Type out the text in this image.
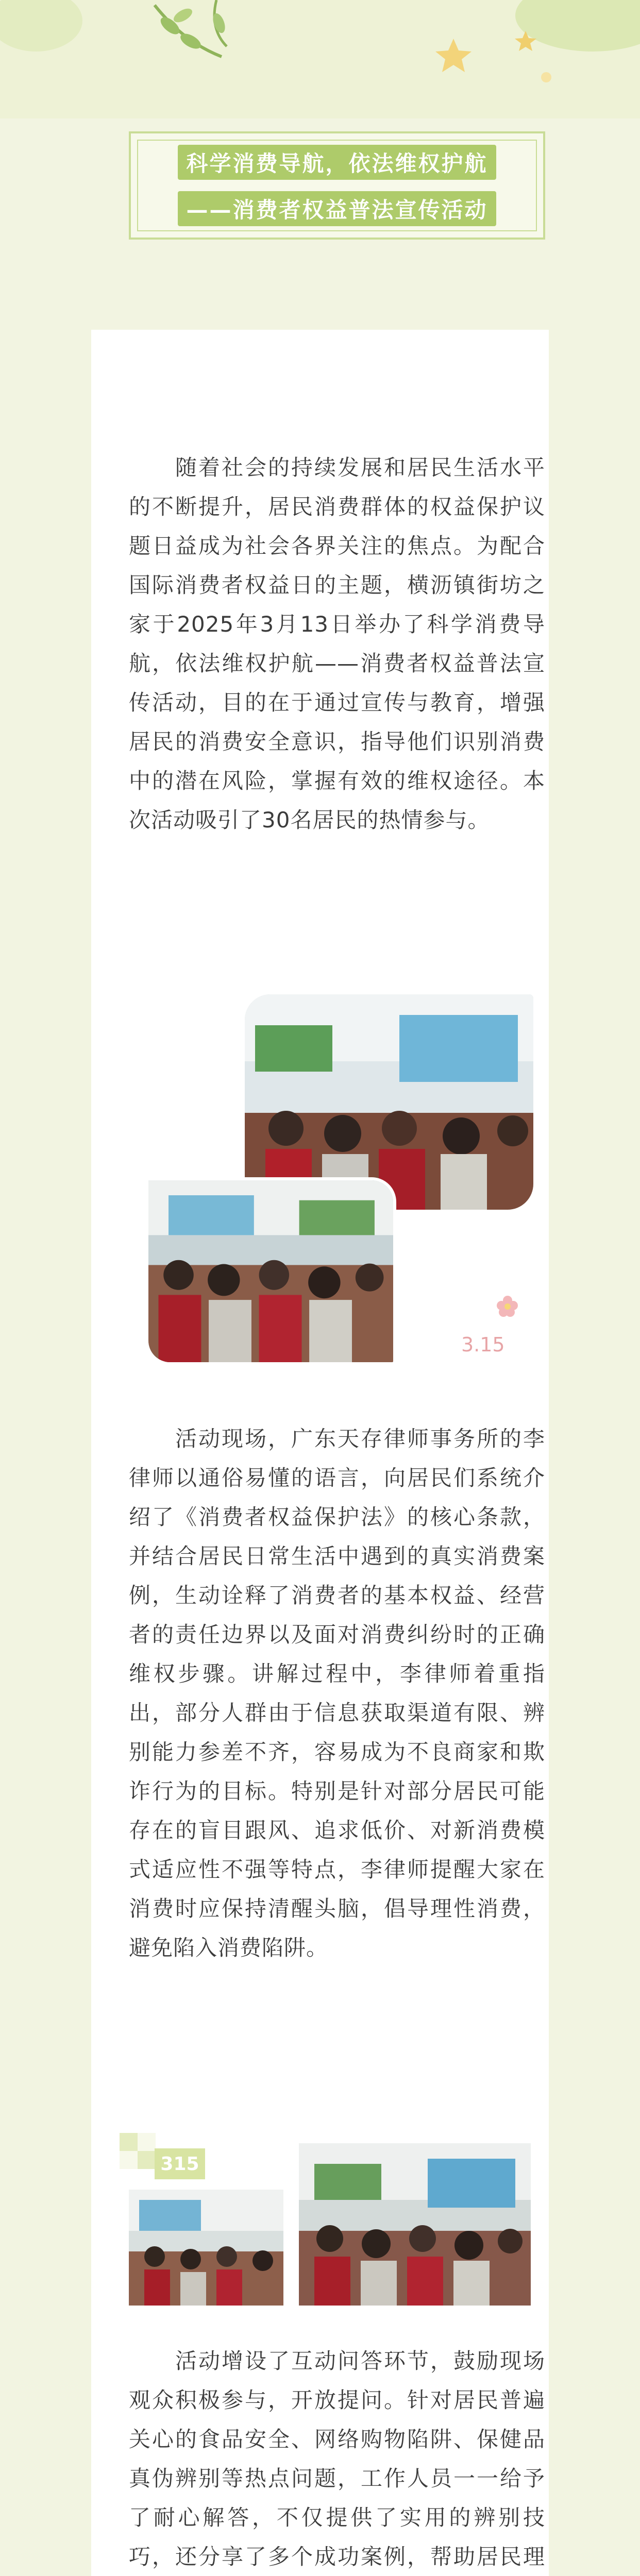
科学消费导航，依法维权护航
——消费者权益普法宣传活动

随着社会的持续发展和居民生活水平的不断提升，居民消费群体的权益保护议题日益成为社会各界关注的焦点。为配合国际消费者权益日的主题，横沥镇街坊之家于2025年3月13日举办了科学消费导航，依法维权护航——消费者权益普法宣传活动，目的在于通过宣传与教育，增强居民的消费安全意识，指导他们识别消费中的潜在风险，掌握有效的维权途径。本次活动吸引了30名居民的热情参与。

3.15

活动现场，广东天存律师事务所的李律师以通俗易懂的语言，向居民们系统介绍了《消费者权益保护法》的核心条款，并结合居民日常生活中遇到的真实消费案例，生动诠释了消费者的基本权益、经营者的责任边界以及面对消费纠纷时的正确维权步骤。讲解过程中，李律师着重指出，部分人群由于信息获取渠道有限、辨别能力参差不齐，容易成为不良商家和欺诈行为的目标。特别是针对部分居民可能存在的盲目跟风、追求低价、对新消费模式适应性不强等特点，李律师提醒大家在消费时应保持清醒头脑，倡导理性消费，避免陷入消费陷阱。

315

活动增设了互动问答环节，鼓励现场观众积极参与，开放提问。针对居民普遍关心的食品安全、网络购物陷阱、保健品真伪辨别等热点问题，工作人员一一给予了耐心解答，不仅提供了实用的辨别技巧，还分享了多个成功案例，帮助居民理
